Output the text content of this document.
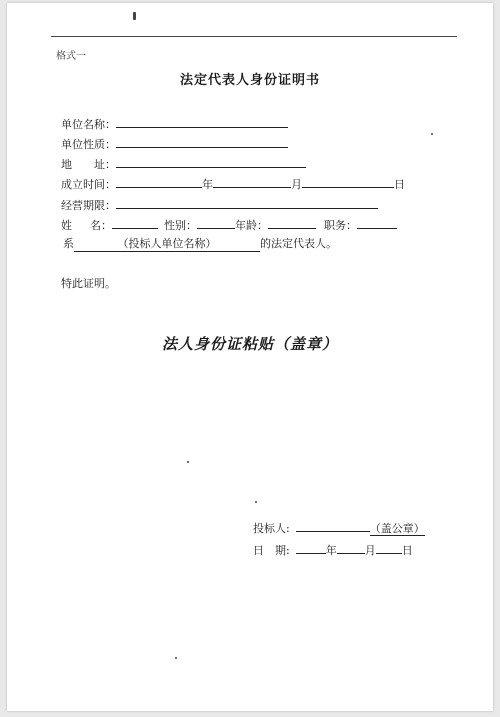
格式一
法定代表人身份证明书
单位名称：
单位性质：
地 址：
成立时间：	年	月	日
经营期限：
姓 名：	性别：	年龄：	职务：
系	（投标人单位名称）	的法定代表人。
特此证明。
法人身份证粘贴（盖章）
投标人:	（盖公章）
日　期:	年	月 日
